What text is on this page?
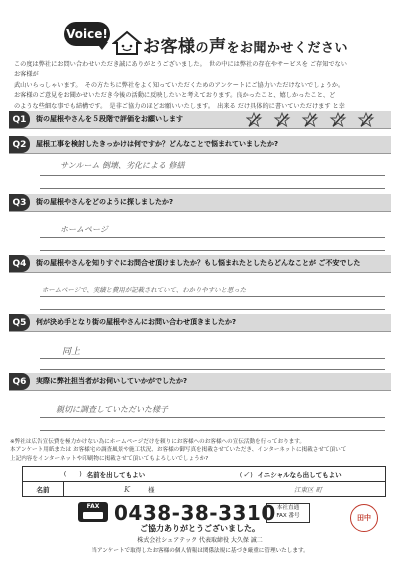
Voice!
お客様の声をお聞かせください

この度は弊社にお問い合わせいただき誠にありがとうございました。　世の中には弊社の存在やサービスを ご存知でない

お客様が

武山いらっしゃいます。　その方たちに弊社をよく知っていただくためのアンケートにご協力いただけないでしょうか。

お客様のご意見をお聞かせいただき今後の活動に反映したいと考えております。良かったこと、嬉しかったこと、ど

のような些細な事でも結構です。　是非ご協力のほどお願いいたします。　出来る だけ具体的に書いていただけます と幸

Q1	街の屋根やさんを５段階で評価をお願いします
Q2	屋根工事を検討したきっかけは何ですか？どんなことで悩まれていましたか?
サンルーム 倒壊、劣化による 修繕
Q3	街の屋根やさんをどのように探しましたか?
ホームページ
Q4	街の屋根やさんを知りすぐにお問合せ頂けましたか？もし悩まれたとしたらどんなことが ご不安でした
ホームページで、実績と費用が記載されていて、わかりやすいと思った
Q5	何が決め手となり街の屋根やさんにお問い合わせ頂きましたか?
同上
Q6	実際に弊社担当者がお伺いしていかがでしたか?
親切に調査していただいた様子

※弊社は広告宣伝費を極力かけない為にホームページだけを頼りにお客様へのお客様への宣伝活動を行っております。

本アンケート用紙または お客様宅の調査風景や施工状況、お客様の御写真を掲載させていただき、インターネットに掲載させて頂いて

上記内容をインターネットや印刷物に掲載させて頂いてもよろしいでしょうか?

(   ) 名前を出してもよい	(✓) イニシャルなら出してもよい
名前	K	様	江東区 町
FAX 0438-38-3310 本社直通
FAX 番号
ご協力ありがとうございました。
株式会社シェアテック 代表取締役 大久保 誠二
当アンケートで取得したお客様の個人情報は関係法規に基づき厳重に管理いたします。
田中
